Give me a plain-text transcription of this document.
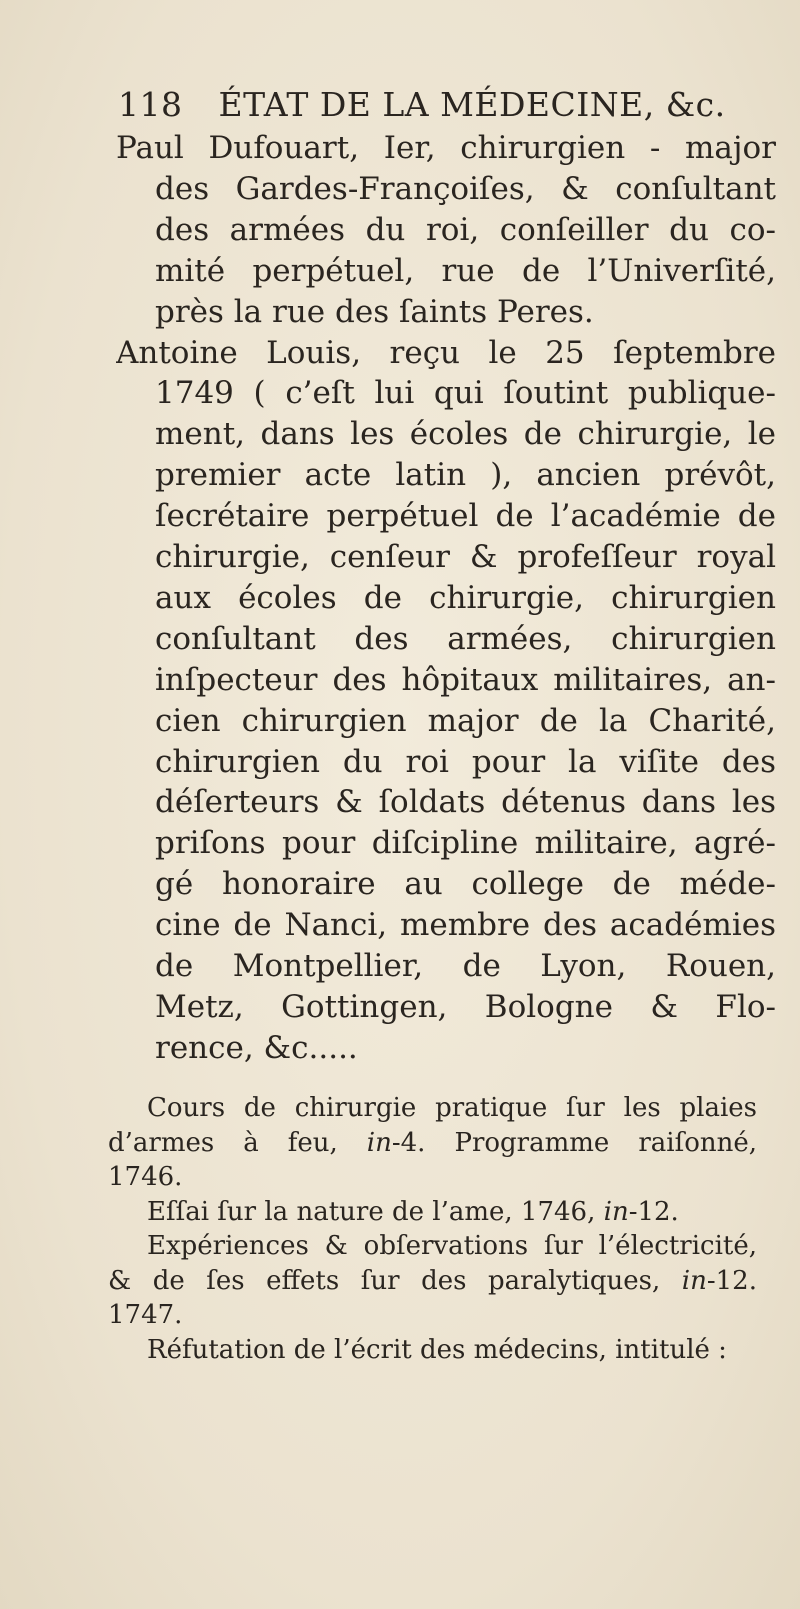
118 ÉTAT DE LA MÉDECINE, &c.
Paul Dufouart, Ier, chirurgien - major
des Gardes-Françoiſes, & conſultant
des armées du roi, conſeiller du co-
mité perpétuel, rue de l’Univerſité,
près la rue des ſaints Peres.
Antoine Louis, reçu le 25 ſeptembre
1749 ( c’eſt lui qui ſoutint publique-
ment, dans les écoles de chirurgie, le
premier acte latin ), ancien prévôt,
ſecrétaire perpétuel de l’académie de
chirurgie, cenſeur & profeſſeur royal
aux écoles de chirurgie, chirurgien
conſultant des armées, chirurgien
inſpecteur des hôpitaux militaires, an-
cien chirurgien major de la Charité,
chirurgien du roi pour la viſite des
déſerteurs & ſoldats détenus dans les
priſons pour diſcipline militaire, agré-
gé honoraire au college de méde-
cine de Nanci, membre des académies
de Montpellier, de Lyon, Rouen,
Metz, Gottingen, Bologne & Flo-
rence, &c.....
Cours de chirurgie pratique ſur les plaies
d’armes à feu, in-4. Programme raiſonné,
1746.
Eſſai ſur la nature de l’ame, 1746, in-12.
Expériences & obſervations ſur l’électricité,
& de ſes effets ſur des paralytiques, in-12.
1747.
Réfutation de l’écrit des médecins, intitulé :
